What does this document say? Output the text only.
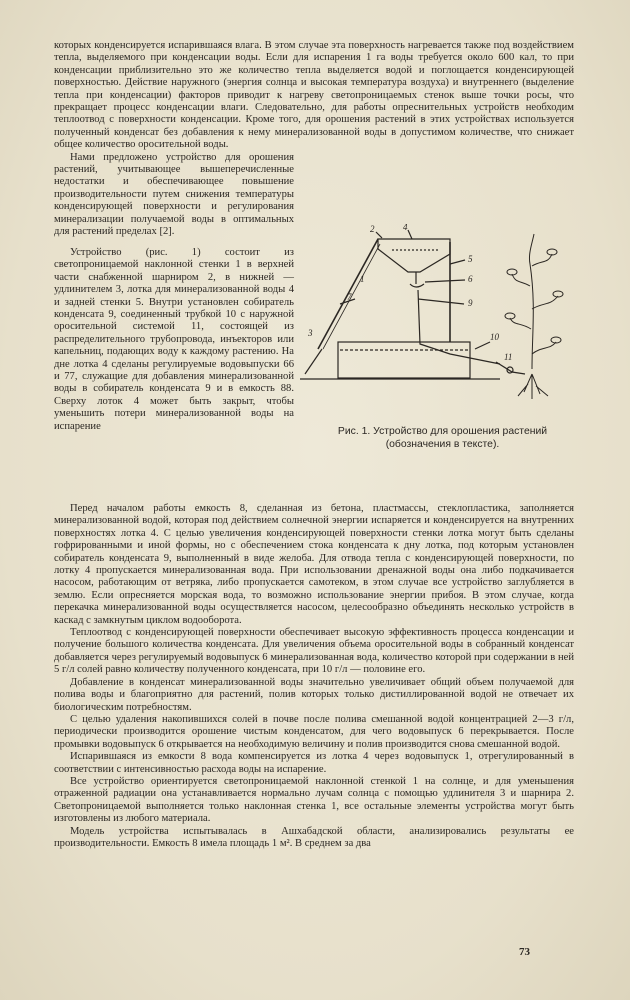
которых конденсируется испарившаяся влага. В этом случае эта поверхность нагревается также под воздействием тепла, выделяемого при конденсации воды. Если для испарения 1 га воды требуется около 600 кал, то при конденсации приблизительно это же количество тепла выделяется водой и поглощается конденсирующей поверхностью. Действие наружного (энергия солнца и высокая температура воздуха) и внутреннего (выделение тепла при конденсации) факторов приводит к нагреву светопроницаемых стенок выше точки росы, что прекращает процесс конденсации влаги. Следовательно, для работы опреснительных устройств необходим теплоотвод с поверхности конденсации. Кроме того, для орошения растений в этих устройствах используется полученный конденсат без добавления к нему минерализованной воды в допустимом количестве, что снижает общее количество оросительной воды.

Нами предложено устройство для орошения растений, учитывающее вышеперечисленные недостатки и обеспечивающее повышение производительности путем снижения температуры конденсирующей поверхности и регулирования минерализации получаемой воды в оптимальных для растений пределах [2].

Устройство (рис. 1) состоит из светопроницаемой наклонной стенки 1 в верхней части снабженной шарниром 2, в нижней — удлинителем 3, лотка для минерализованной воды 4 и задней стенки 5. Внутри установлен собиратель конденсата 9, соединенный трубкой 10 с наружной оросительной системой 11, состоящей из распределительного трубопровода, инъекторов или капельниц, подающих воду к каждому растению. На дне лотка 4 сделаны регулируемые водовыпуски 66 и 77, служащие для добавления минерализованной воды в собиратель конденсата 9 и в емкость 88. Сверху лоток 4 может быть закрыт, чтобы уменьшить потери минерализованной воды на испарение

2	4
5
6
9
7
3
1
10
11
Рис. 1. Устройство для орошения растений (обозначения в тексте).

Перед началом работы емкость 8, сделанная из бетона, пластмассы, стеклопластика, заполняется минерализованной водой, которая под действием солнечной энергии испаряется и конденсируется на внутренних поверхностях лотка 4. С целью увеличения конденсирующей поверхности стенки лотка могут быть сделаны гофрированными и иной формы, но с обеспечением стока конденсата к дну лотка, под которым установлен собиратель конденсата 9, выполненный в виде желоба. Для отвода тепла с конденсирующей поверхности, по лотку 4 пропускается минерализованная вода. При использовании дренажной воды она либо подкачивается насосом, работающим от ветряка, либо пропускается самотеком, в этом случае все устройство заглубляется в землю. Если опресняется морская вода, то возможно использование энергии прибоя. В этом случае, когда перекачка минерализованной воды осуществляется насосом, целесообразно объединять несколько устройств в каскад с замкнутым циклом водооборота.

Теплоотвод с конденсирующей поверхности обеспечивает высокую эффективность процесса конденсации и получение большого количества конденсата. Для увеличения объема оросительной воды в собранный конденсат добавляется через регулируемый водовыпуск 6 минерализованная вода, количество которой при содержании в ней 5 г/л солей равно количеству полученного конденсата, при 10 г/л — половине его.

Добавление в конденсат минерализованной воды значительно увеличивает общий объем получаемой для полива воды и благоприятно для растений, полив которых только дистиллированной водой не отвечает их биологическим потребностям.

С целью удаления накопившихся солей в почве после полива смешанной водой концентрацией 2—3 г/л, периодически производится орошение чистым конденсатом, для чего водовыпуск 6 перекрывается. После промывки водовыпуск 6 открывается на необходимую величину и полив производится снова смешанной водой.

Испарившаяся из емкости 8 вода компенсируется из лотка 4 через водовыпуск 1, отрегулированный в соответствии с интенсивностью расхода воды на испарение.

Все устройство ориентируется светопроницаемой наклонной стенкой 1 на солнце, и для уменьшения отраженной радиации она устанавливается нормально лучам солнца с помощью удлинителя 3 и шарнира 2. Светопроницаемой выполняется только наклонная стенка 1, все остальные элементы устройства могут быть изготовлены из любого материала.

Модель устройства испытывалась в Ашхабадской области, анализировались результаты ее производительности. Емкость 8 имела площадь 1 м². В среднем за два

73
